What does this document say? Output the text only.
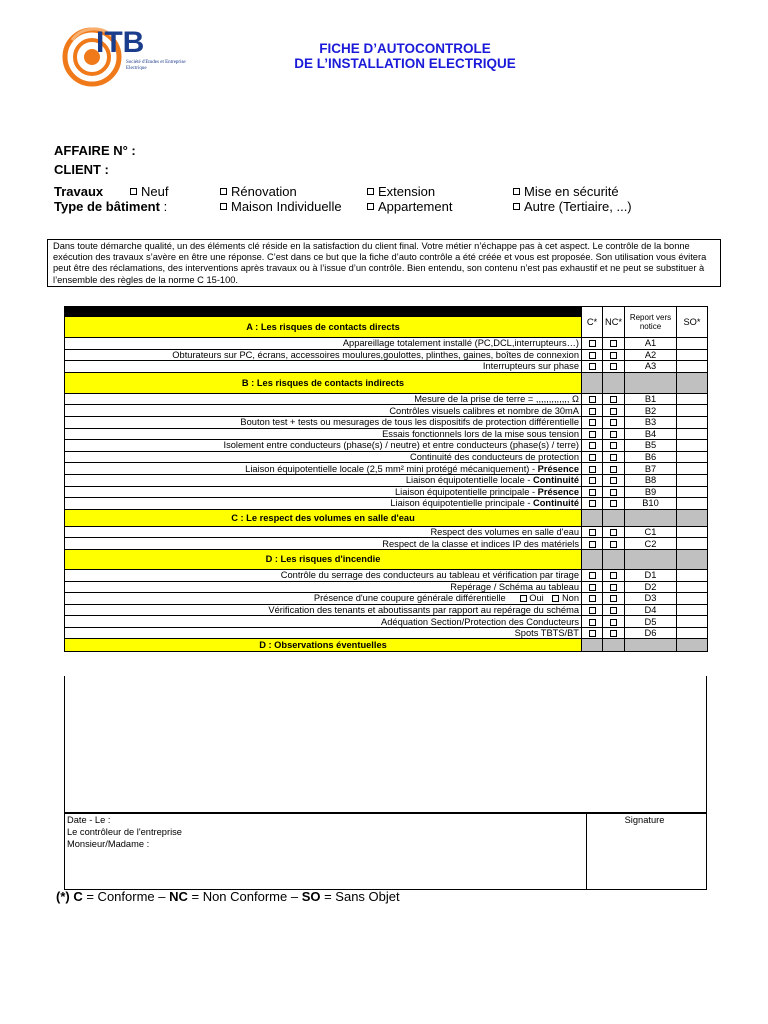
ITB
Société d'Etudes et Entreprise Electrique
FICHE D’AUTOCONTROLE
DE L’INSTALLATION ELECTRIQUE
AFFAIRE N° :
CLIENT :
Travaux	Neuf	Rénovation	Extension	Mise en sécurité
Type de bâtiment :	Maison Individuelle	Appartement	Autre (Tertiaire, ...)
Dans toute démarche qualité, un des éléments clé réside en la satisfaction du client final. Votre métier n’échappe pas à cet aspect. Le contrôle de la bonne exécution des travaux s’avère en être une réponse. C’est dans ce but que la fiche d’auto contrôle a été créée et vous est proposée. Son utilisation vous évitera peut être des réclamations, des interventions après travaux ou à l’issue d’un contrôle. Bien entendu, son contenu n’est pas exhaustif et ne peut se substituer à l’ensemble des règles de la norme C 15-100.
	C*	NC*	Report vers
notice	SO*
A : Les risques de contacts directs				
Appareillage totalement installé (PC,DCL,interrupteurs…)			A1	
Obturateurs sur PC, écrans, accessoires moulures,goulottes, plinthes, gaines, boîtes de connexion			A2	
Interrupteurs sur phase			A3	
B : Les risques de contacts indirects				
Mesure de la prise de terre = ,,,,,,,,,,,,, Ω			B1	
Contrôles visuels calibres et nombre de 30mA			B2	
Bouton test + tests ou mesurages de tous les dispositifs de protection différentielle			B3	
Essais fonctionnels lors de la mise sous tension			B4	
Isolement entre conducteurs (phase(s) / neutre) et entre conducteurs (phase(s) / terre)			B5	
Continuité des conducteurs de protection			B6	
Liaison équipotentielle locale (2,5 mm² mini protégé mécaniquement) - Présence			B7	
Liaison équipotentielle locale - Continuité			B8	
Liaison équipotentielle principale - Présence			B9	
Liaison équipotentielle principale - Continuité			B10	
C : Le respect des volumes en salle d'eau				
Respect des volumes en salle d'eau			C1	
Respect de la classe et indices IP des matériels			C2	
D : Les risques d'incendie				
Contrôle du serrage des conducteurs au tableau et vérification par tirage			D1	
Repérage / Schéma au tableau			D2	
Présence d'une coupure générale différentielle Oui Non			D3	
Vérification des tenants et aboutissants par rapport au repérage du schéma			D4	
Adéquation Section/Protection des Conducteurs			D5	
Spots TBTS/BT			D6	
D : Observations éventuelles				
Date - Le :
Le contrôleur de l'entreprise
Monsieur/Madame :
Signature
(*) C = Conforme – NC = Non Conforme – SO = Sans Objet
